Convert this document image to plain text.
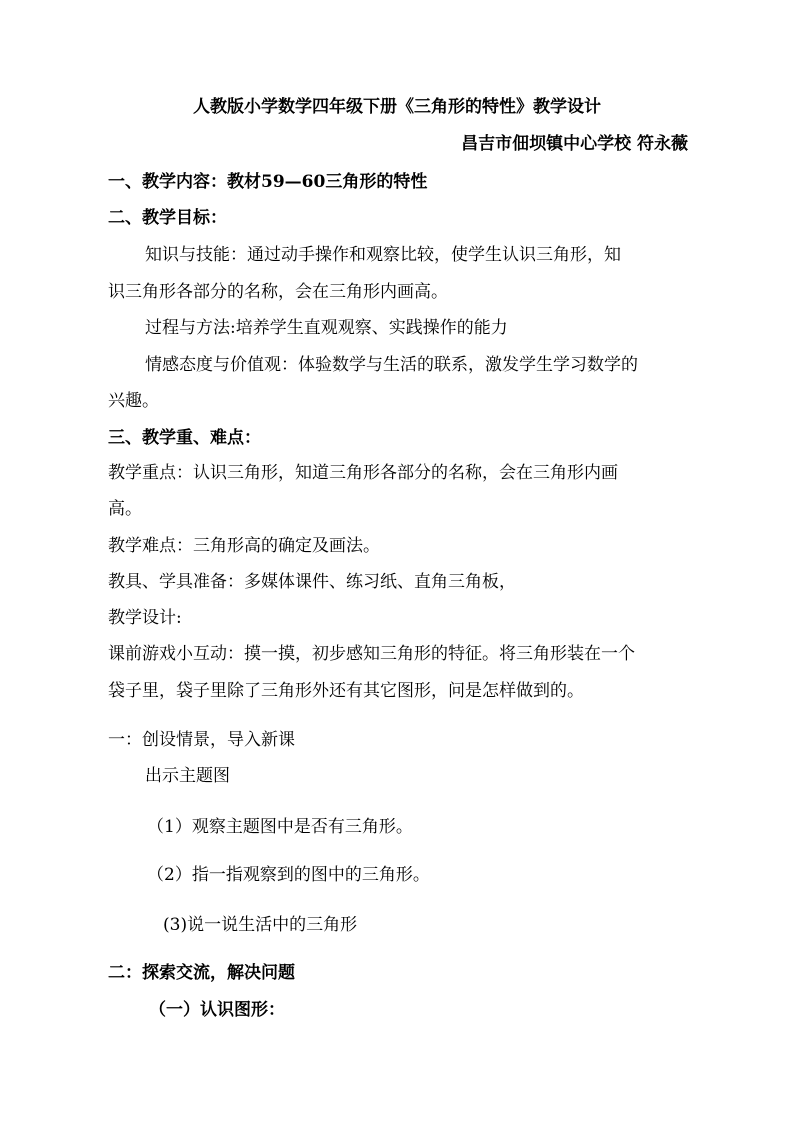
人教版小学数学四年级下册《三角形的特性》教学设计
昌吉市佃坝镇中心学校 符永薇
一、教学内容：教材59—60三角形的特性
二、教学目标：
知识与技能：通过动手操作和观察比较，使学生认识三角形，知
识三角形各部分的名称，会在三角形内画高。
过程与方法:培养学生直观观察、实践操作的能力
情感态度与价值观：体验数学与生活的联系，激发学生学习数学的
兴趣。
三、教学重、难点：
教学重点：认识三角形，知道三角形各部分的名称，会在三角形内画
高。
教学难点：三角形高的确定及画法。
教具、学具准备：多媒体课件、练习纸、直角三角板，
教学设计:
课前游戏小互动：摸一摸，初步感知三角形的特征。将三角形装在一个
袋子里，袋子里除了三角形外还有其它图形，问是怎样做到的。
一：创设情景，导入新课
出示主题图
（1）观察主题图中是否有三角形。
（2）指一指观察到的图中的三角形。
(3)说一说生活中的三角形
二：探索交流，解决问题
（一）认识图形：
